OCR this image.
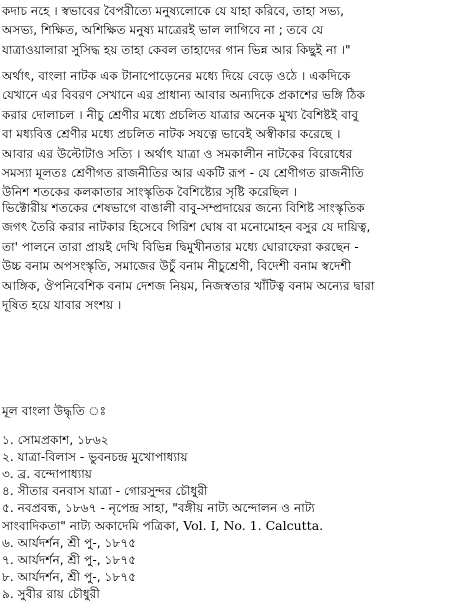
কদাচ নহে । স্বভাবের বৈপরীত্যে মনুষ্যলোকে যে যাহা করিবে, তাহা সভ্য,
অসভ্য, শিক্ষিত, অশিক্ষিত মনুষ্য মাত্রেরই ভাল লাগিবে না ; তবে যে
যাত্রাওয়ালারা সুসিদ্ধ হয় তাহা কেবল তাহাদের গান ভিন্ন আর কিছুই না ।"

অর্থাৎ, বাংলা নাটক এক টানাপোড়েনের মধ্যে দিয়ে বেড়ে ওঠে । একদিকে
যেখানে এর বিবরণ সেখানে এর প্রাধান্য আবার অন্যদিকে প্রকাশের ভঙ্গি ঠিক
করার দোলাচল । নীচু শ্রেণীর মধ্যে প্রচলিত যাত্রার অনেক মুখ্য বৈশিষ্টই বাবু
বা মধ্যবিত্ত শ্রেণীর মধ্যে প্রচলিত নাটক সযত্নে ভাবেই অস্বীকার করেছে ।
আবার এর উল্টোটাও সত্যি । অর্থাৎ যাত্রা ও সমকালীন নাটকের বিরোধের
সমস্যা মূলতঃ শ্রেণীগত রাজনীতির আর একটি রূপ - যে শ্রেণীগত রাজনীতি
উনিশ শতকের কলকাতার সাংস্কৃতিক বৈশিষ্ট্যের সৃষ্টি করেছিল ।

ভিক্টোরীয় শতকের শেষভাগে বাঙালী বাবু-সম্প্রদায়ের জন্যে বিশিষ্ট সাংস্কৃতিক
জগৎ তৈরি করার নাটকার হিসেবে গিরিশ ঘোষ বা মনোমোহন বসুর যে দায়িত্ব,
তা' পালনে তারা প্রায়ই দেখি বিভিন্ন দ্বিমুখীনতার মধ্যে ঘোরাফেরা করছেন -
উচ্চ বনাম অপসংস্কৃতি, সমাজের উচুঁ বনাম নীচুশ্রেণী, বিদেশী বনাম স্বদেশী
আঙ্গিক, ঔপনিবেশিক বনাম দেশজ নিয়ম, নিজস্বতার খাঁটিত্ব বনাম অন্যের দ্বারা
দূষিত হয়ে যাবার সংশয় ।

মূল বাংলা উদ্ধৃতি ঃ
১. সোমপ্রকাশ, ১৮৬২
২. যাত্রা-বিলাস - ভুবনচন্দ্র মুখোপাধ্যায়
৩. ব্র. বন্দোপাধ্যায়
৪. সীতার বনবাস যাত্রা - গোরসুন্দর চৌধুরী
৫. নবপ্রবন্ধ, ১৮৬৭ - নৃপেন্দ্র সাহা, "বঙ্গীয় নাট্য অন্দোলন ও নাট্য
সাংবাদিকতা" নাট্য অকাদেমি পত্রিকা, Vol. I, No. 1. Calcutta.
৬. আর্যদর্শন, শ্রী পু-, ১৮৭৫
৭. আর্যদর্শন, শ্রী পু-, ১৮৭৫
৮. আর্যদর্শন, শ্রী পু-, ১৮৭৫
৯. সুবীর রায় চৌধুরী
